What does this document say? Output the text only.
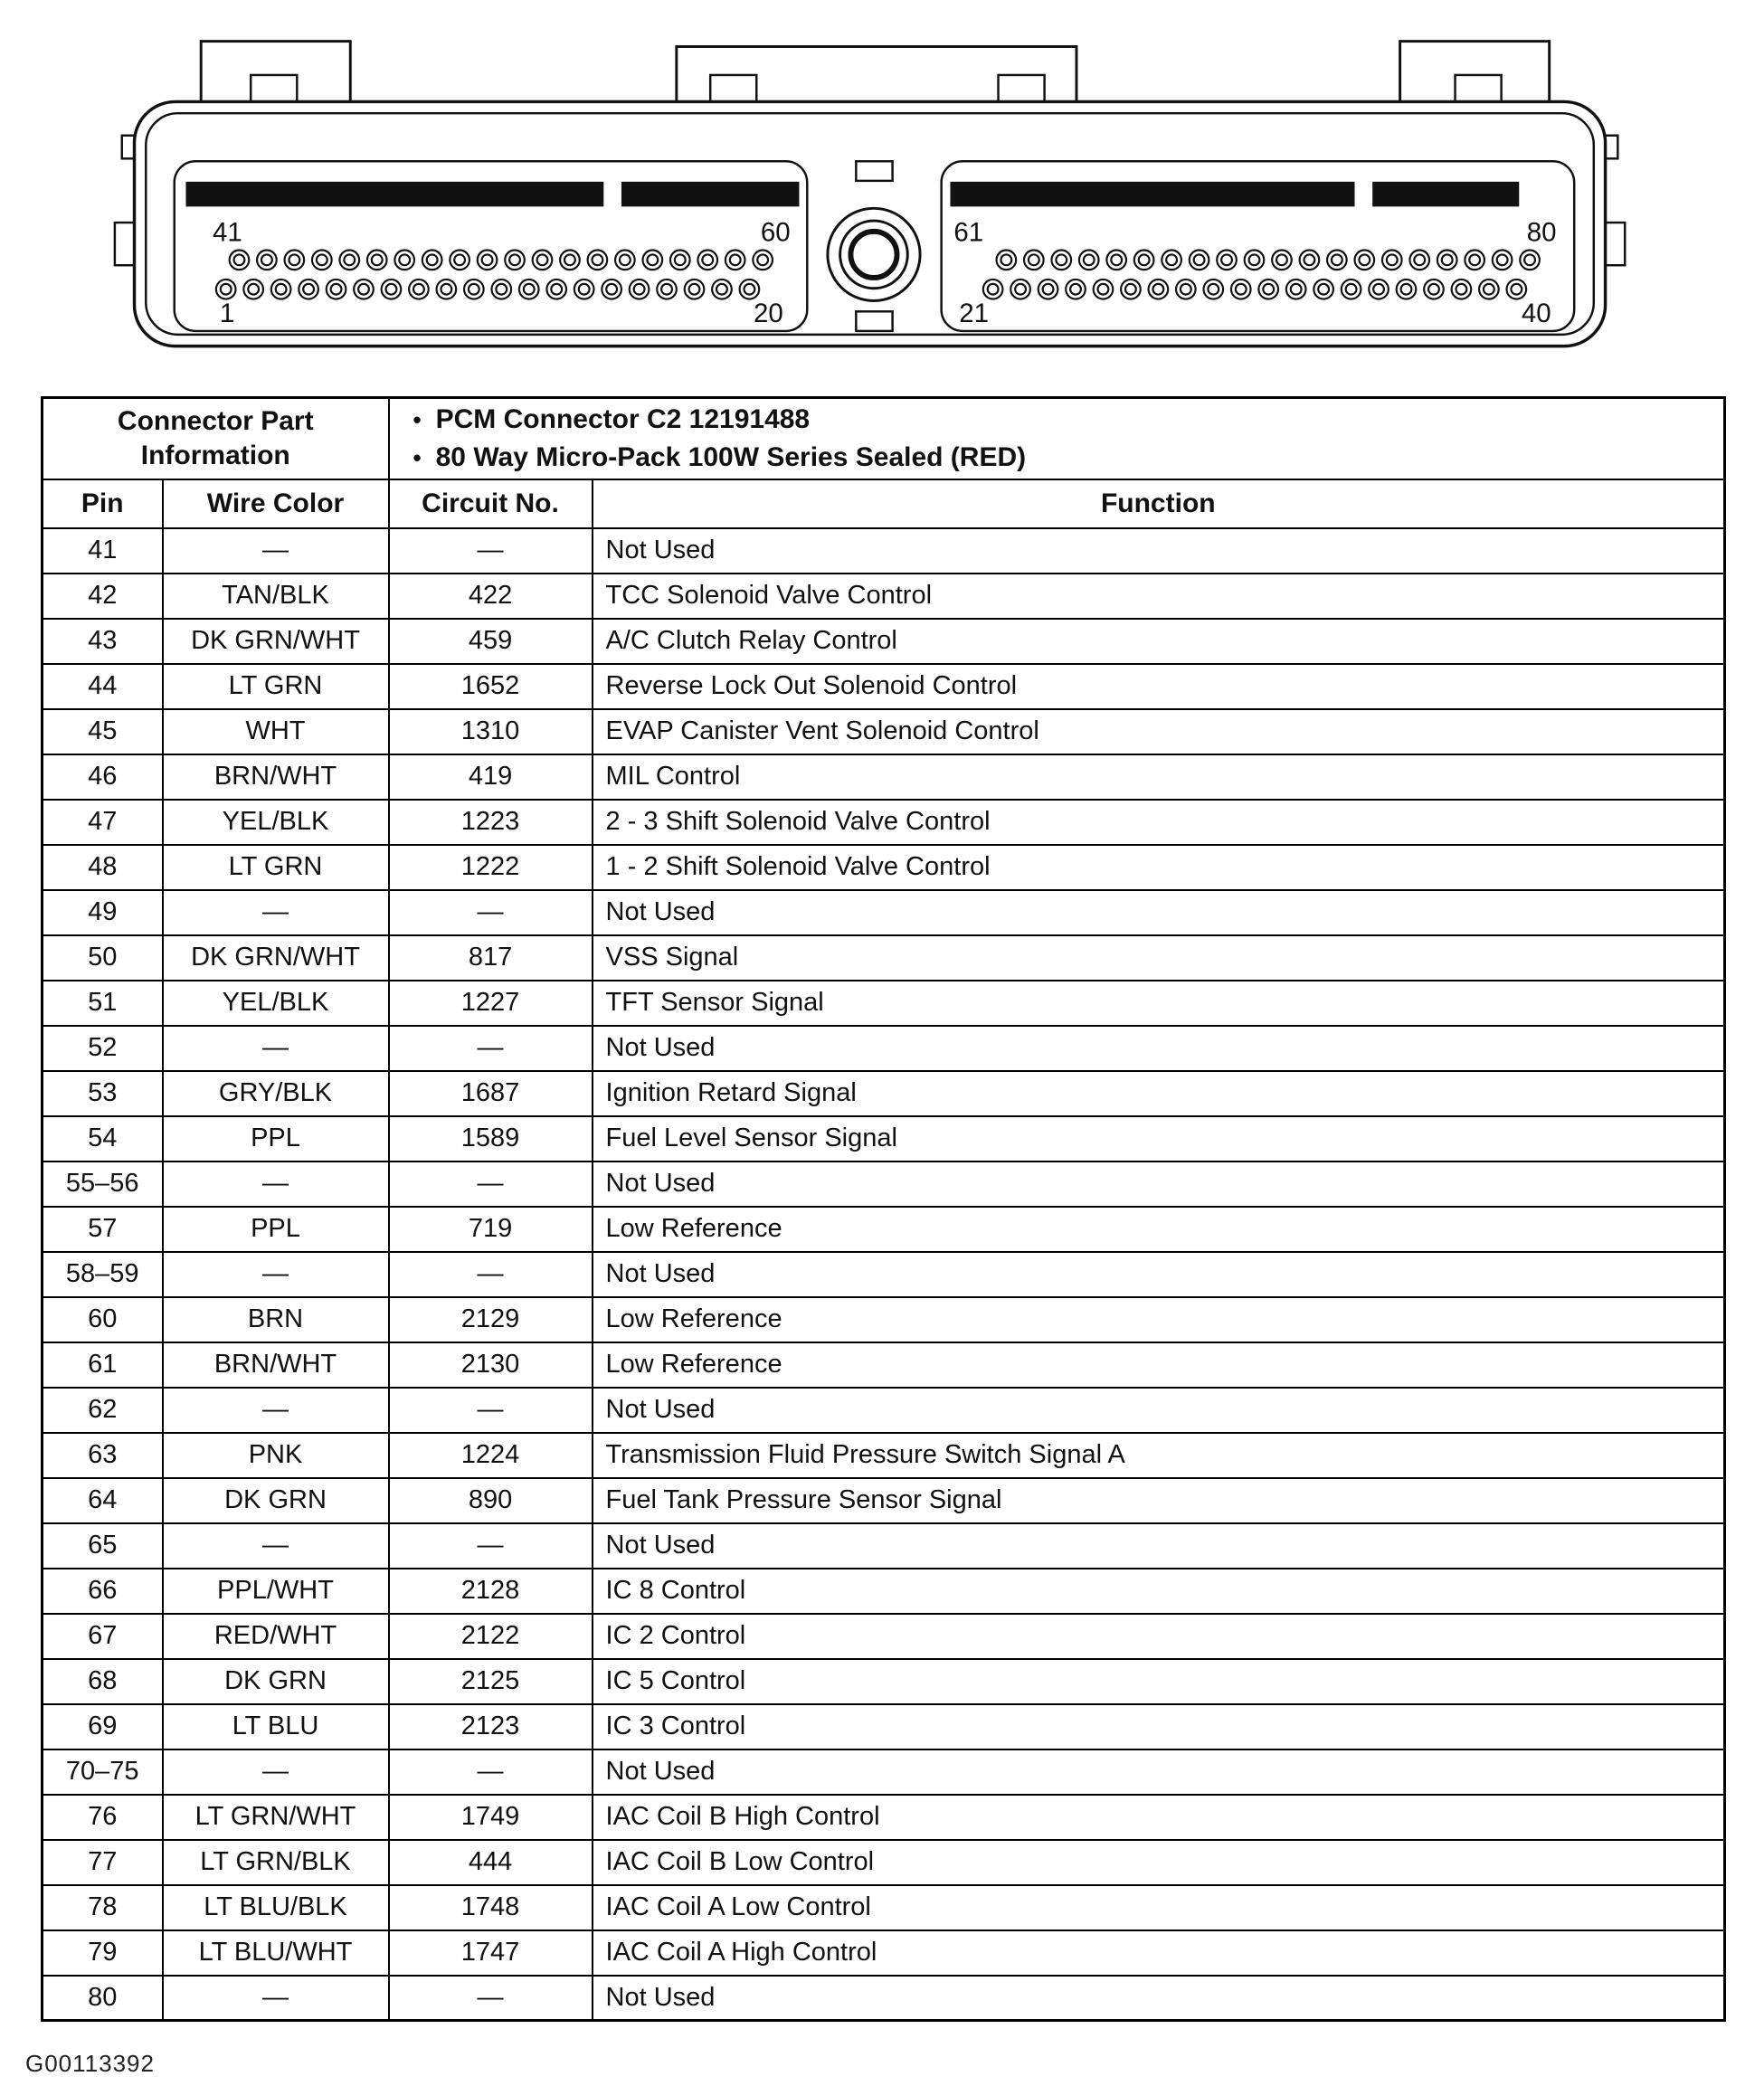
41	60
1	20
61	80
21	40
Connector Part
Information

• PCM Connector C2 12191488
• 80 Way Micro-Pack 100W Series Sealed (RED)

Pin	Wire Color	Circuit No.	Function
41	—	—	Not Used
42	TAN/BLK	422	TCC Solenoid Valve Control
43	DK GRN/WHT	459	A/C Clutch Relay Control
44	LT GRN	1652	Reverse Lock Out Solenoid Control
45	WHT	1310	EVAP Canister Vent Solenoid Control
46	BRN/WHT	419	MIL Control
47	YEL/BLK	1223	2 - 3 Shift Solenoid Valve Control
48	LT GRN	1222	1 - 2 Shift Solenoid Valve Control
49	—	—	Not Used
50	DK GRN/WHT	817	VSS Signal
51	YEL/BLK	1227	TFT Sensor Signal
52	—	—	Not Used
53	GRY/BLK	1687	Ignition Retard Signal
54	PPL	1589	Fuel Level Sensor Signal
55–56	—	—	Not Used
57	PPL	719	Low Reference
58–59	—	—	Not Used
60	BRN	2129	Low Reference
61	BRN/WHT	2130	Low Reference
62	—	—	Not Used
63	PNK	1224	Transmission Fluid Pressure Switch Signal A
64	DK GRN	890	Fuel Tank Pressure Sensor Signal
65	—	—	Not Used
66	PPL/WHT	2128	IC 8 Control
67	RED/WHT	2122	IC 2 Control
68	DK GRN	2125	IC 5 Control
69	LT BLU	2123	IC 3 Control
70–75	—	—	Not Used
76	LT GRN/WHT	1749	IAC Coil B High Control
77	LT GRN/BLK	444	IAC Coil B Low Control
78	LT BLU/BLK	1748	IAC Coil A Low Control
79	LT BLU/WHT	1747	IAC Coil A High Control
80	—	—	Not Used
G00113392
